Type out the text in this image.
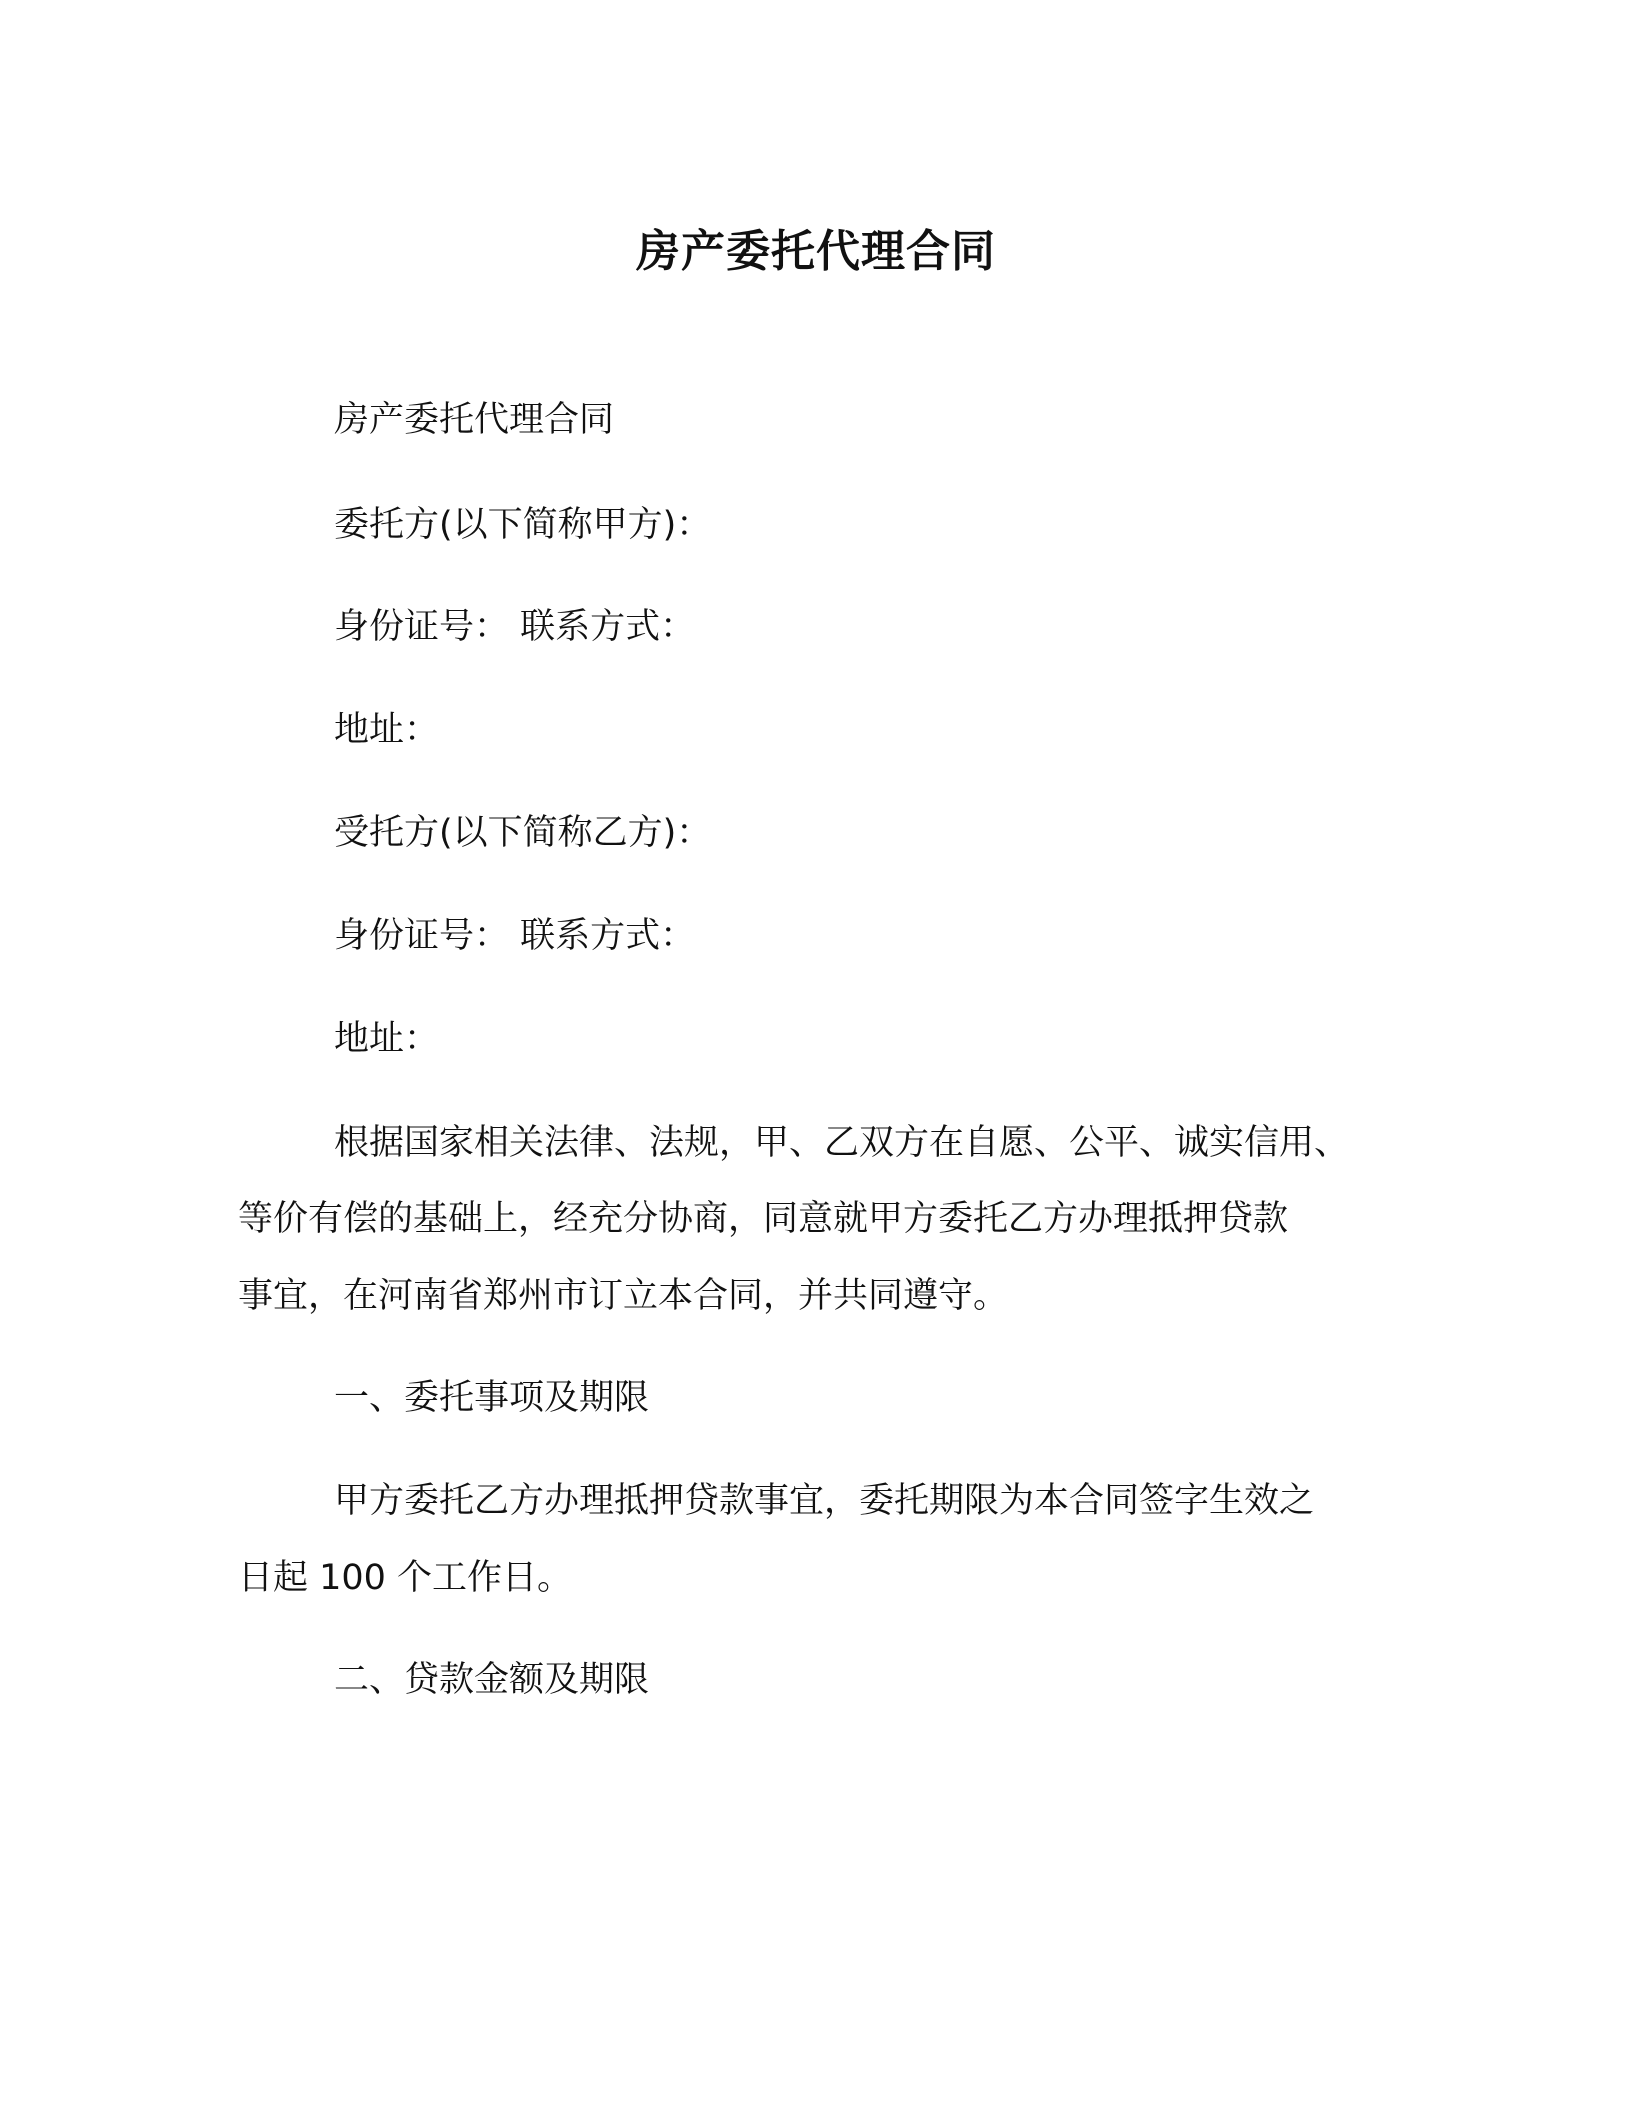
房产委托代理合同
房产委托代理合同
委托方(以下简称甲方)：
身份证号： 联系方式：
地址：
受托方(以下简称乙方)：
身份证号： 联系方式：
地址：
根据国家相关法律、法规，甲、乙双方在自愿、公平、诚实信用、
等价有偿的基础上，经充分协商，同意就甲方委托乙方办理抵押贷款
事宜，在河南省郑州市订立本合同，并共同遵守。
一、委托事项及期限
甲方委托乙方办理抵押贷款事宜，委托期限为本合同签字生效之
日起 100 个工作日。
二、贷款金额及期限
